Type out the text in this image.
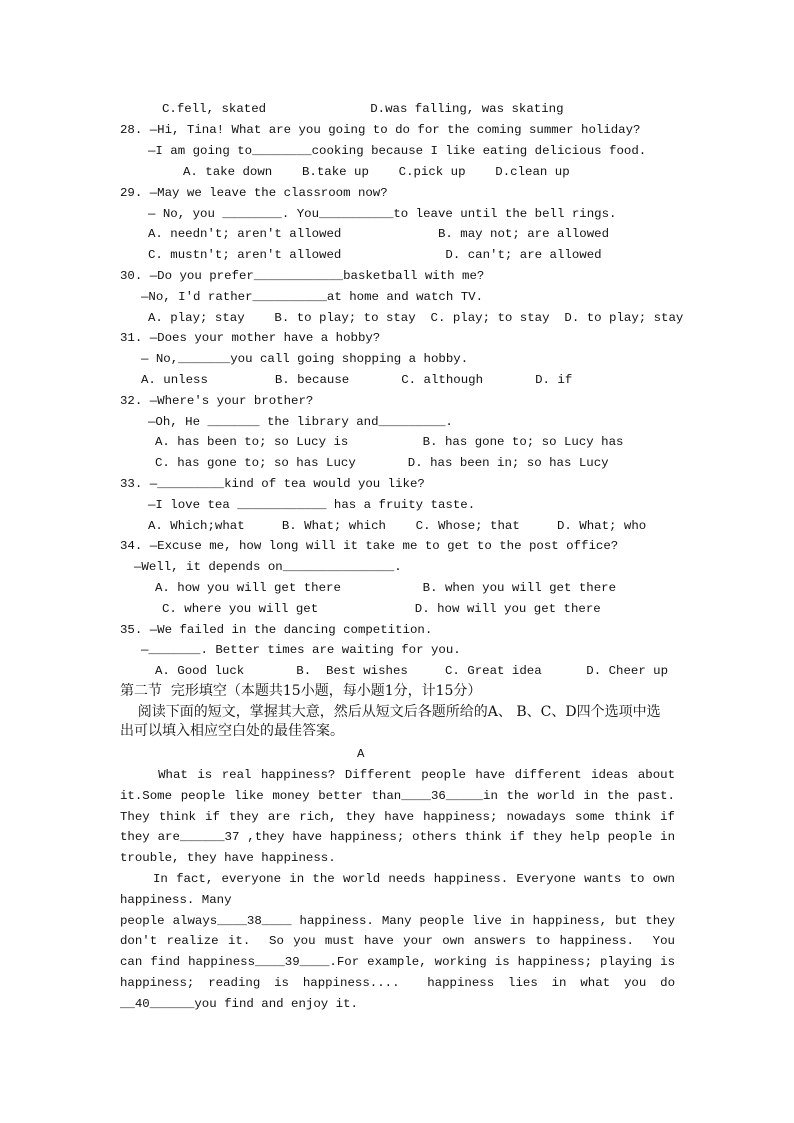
C.fell, skated              D.was falling, was skating
28. —Hi, Tina! What are you going to do for the coming summer holiday?
—I am going to________cooking because I like eating delicious food.
A. take down    B.take up    C.pick up    D.clean up
29. —May we leave the classroom now?
— No, you ________. You__________to leave until the bell rings.
A. needn't; aren't allowed             B. may not; are allowed
C. mustn't; aren't allowed              D. can't; are allowed
30. —Do you prefer____________basketball with me?
—No, I'd rather__________at home and watch TV.
A. play; stay    B. to play; to stay  C. play; to stay  D. to play; stay
31. —Does your mother have a hobby?
— No,_______you call going shopping a hobby.
A. unless         B. because       C. although       D. if
32. —Where's your brother?
—Oh, He _______ the library and_________.
A. has been to; so Lucy is          B. has gone to; so Lucy has
C. has gone to; so has Lucy       D. has been in; so has Lucy
33. —_________kind of tea would you like?
—I love tea ____________ has a fruity taste.
A. Which;what     B. What; which    C. Whose; that     D. What; who
34. —Excuse me, how long will it take me to get to the post office?
—Well, it depends on_______________.
A. how you will get there           B. when you will get there
C. where you will get             D. how will you get there
35. —We failed in the dancing competition.
—_______. Better times are waiting for you.
A. Good luck       B.  Best wishes     C. Great idea      D. Cheer up
第二节  完形填空（本题共15小题，每小题1分，计15分）
阅读下面的短文，掌握其大意，然后从短文后各题所给的A、 B、C、D四个选项中选
出可以填入相应空白处的最佳答案。
A

What is real happiness? Different people have different ideas about it.Some people like money better than____36_____in the world in the past.  They think if they are rich, they have happiness; nowadays some think if they are______37 ,they have happiness; others think if they help people in trouble, they have happiness.

In fact, everyone in the world needs happiness. Everyone wants to own happiness. Many

people always____38____ happiness. Many people live in happiness, but they don't realize it.  So you must have your own answers to happiness.  You can find happiness____39____.For example, working is happiness; playing is happiness; reading is happiness....  happiness lies in what you do  __40______you find and enjoy it.
